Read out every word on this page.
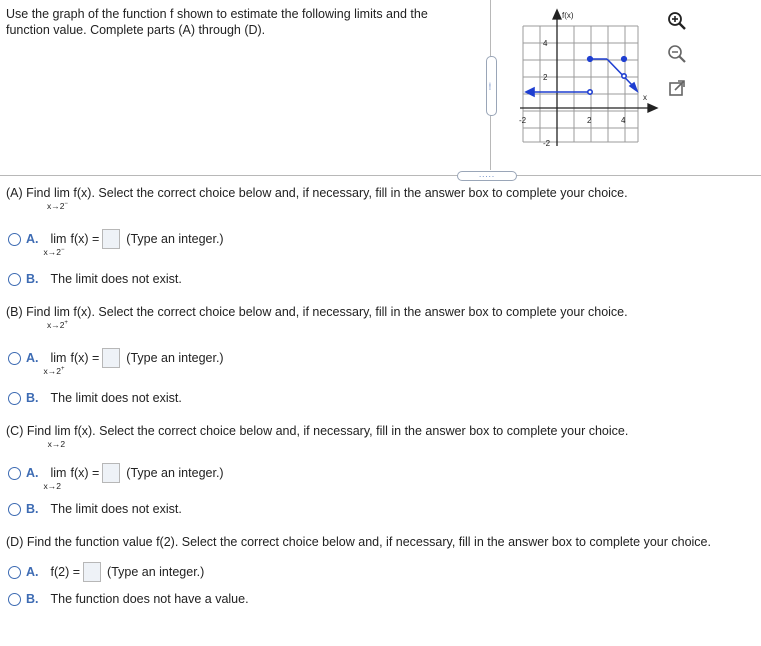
Use the graph of the function f shown to estimate the following limits and the
function value. Complete parts (A) through (D).
......
f(x)
x
-2	2	4
4
2
-2
.....
(A) Find lim
x→2−
f(x). Select the correct choice below and, if necessary, fill in the answer box to complete your choice.
A. lim
x→2−
f(x) = (Type an integer.)
B. The limit does not exist.
(B) Find lim
x→2+
f(x). Select the correct choice below and, if necessary, fill in the answer box to complete your choice.
A. lim
x→2+
f(x) = (Type an integer.)
B. The limit does not exist.
(C) Find lim
x→2
f(x). Select the correct choice below and, if necessary, fill in the answer box to complete your choice.
A. lim
x→2
f(x) = (Type an integer.)
B. The limit does not exist.
(D) Find the function value f(2). Select the correct choice below and, if necessary, fill in the answer box to complete your choice.
A. f(2) = (Type an integer.)
B. The function does not have a value.
